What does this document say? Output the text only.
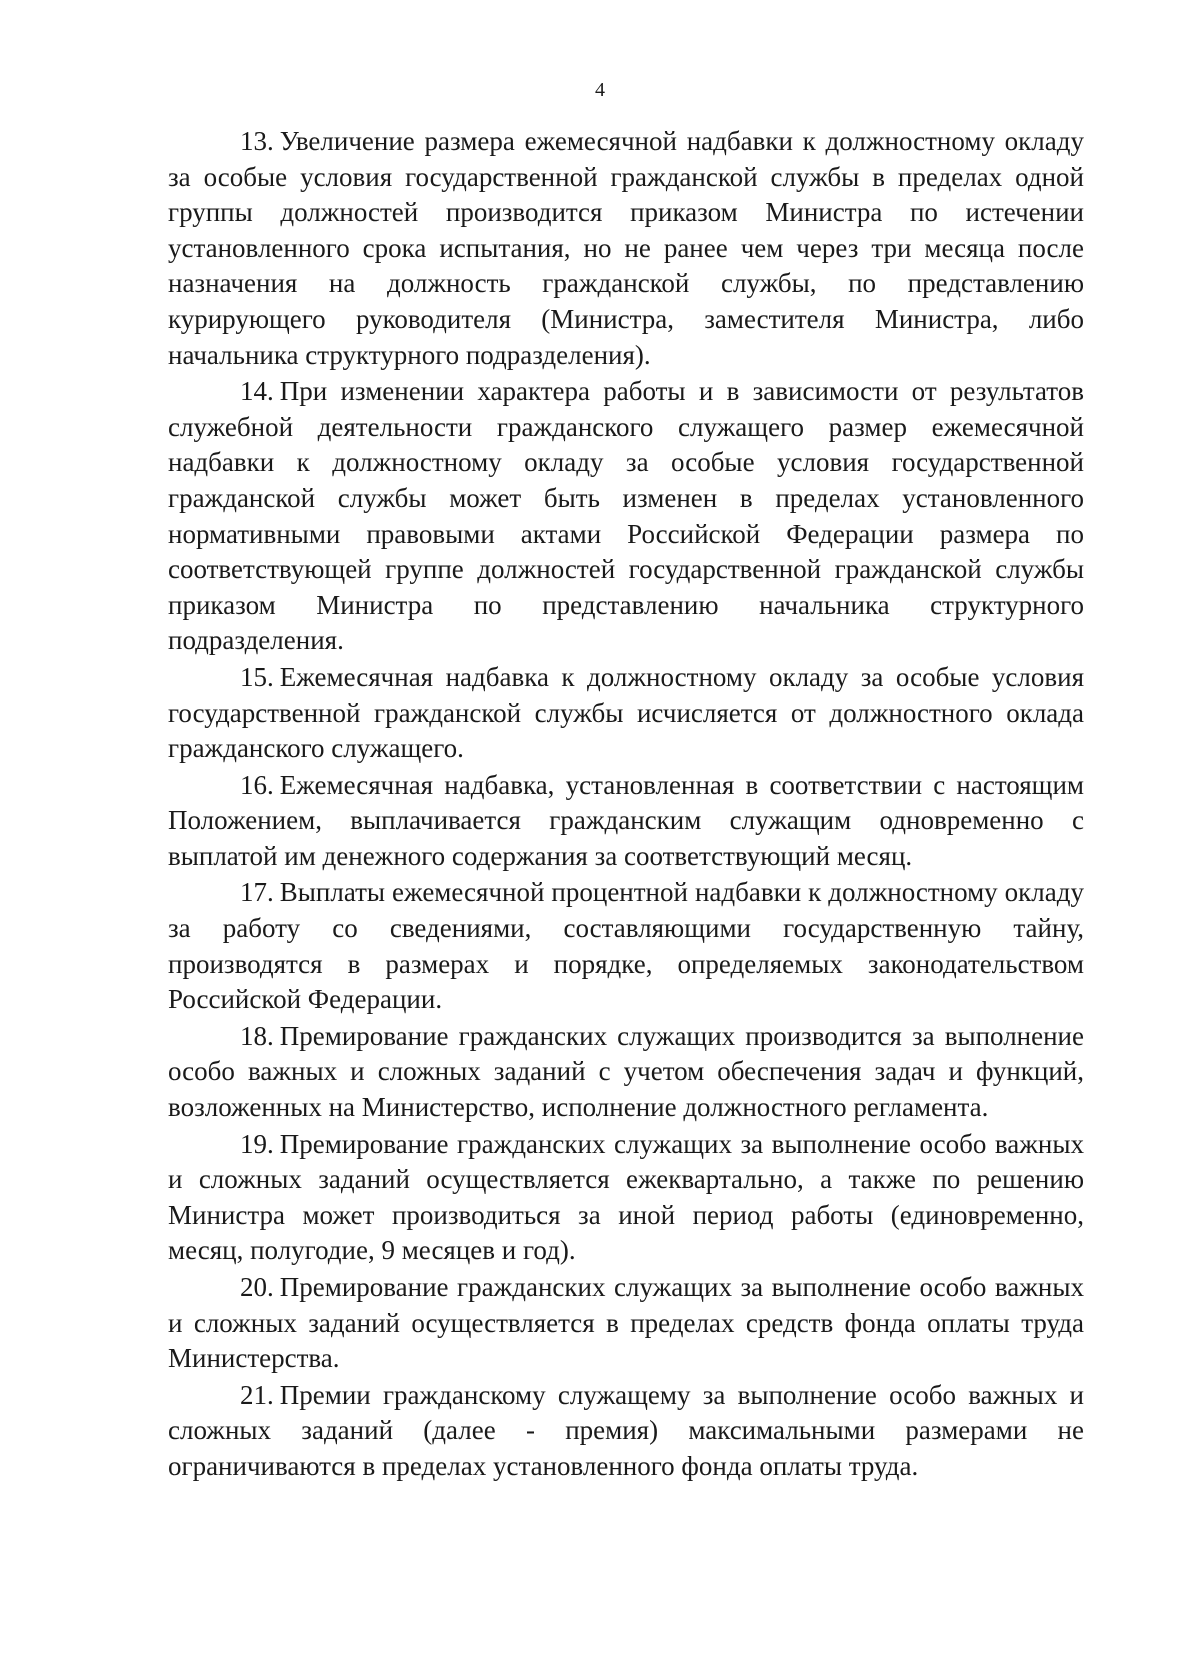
4

13. Увеличение размера ежемесячной надбавки к должностному окладу за особые условия государственной гражданской службы в пределах одной группы должностей производится приказом Министра по истечении установленного срока испытания, но не ранее чем через три месяца после назначения на должность гражданской службы, по представлению курирующего руководителя (Министра, заместителя Министра, либо начальника структурного подразделения).

14. При изменении характера работы и в зависимости от результатов служебной деятельности гражданского служащего размер ежемесячной надбавки к должностному окладу за особые условия государственной гражданской службы может быть изменен в пределах установленного нормативными правовыми актами Российской Федерации размера по соответствующей группе должностей государственной гражданской службы приказом Министра по представлению начальника структурного подразделения.

15. Ежемесячная надбавка к должностному окладу за особые условия государственной гражданской службы исчисляется от должностного оклада гражданского служащего.

16. Ежемесячная надбавка, установленная в соответствии с настоящим Положением, выплачивается гражданским служащим одновременно с выплатой им денежного содержания за соответствующий месяц.

17. Выплаты ежемесячной процентной надбавки к должностному окладу за работу со сведениями, составляющими государственную тайну, производятся в размерах и порядке, определяемых законодательством Российской Федерации.

18. Премирование гражданских служащих производится за выполнение особо важных и сложных заданий с учетом обеспечения задач и функций, возложенных на Министерство, исполнение должностного регламента.

19. Премирование гражданских служащих за выполнение особо важных и сложных заданий осуществляется ежеквартально, а также по решению Министра может производиться за иной период работы (единовременно, месяц, полугодие, 9 месяцев и год).

20. Премирование гражданских служащих за выполнение особо важных и сложных заданий осуществляется в пределах средств фонда оплаты труда Министерства.

21. Премии гражданскому служащему за выполнение особо важных и сложных заданий (далее - премия) максимальными размерами не ограничиваются в пределах установленного фонда оплаты труда.
